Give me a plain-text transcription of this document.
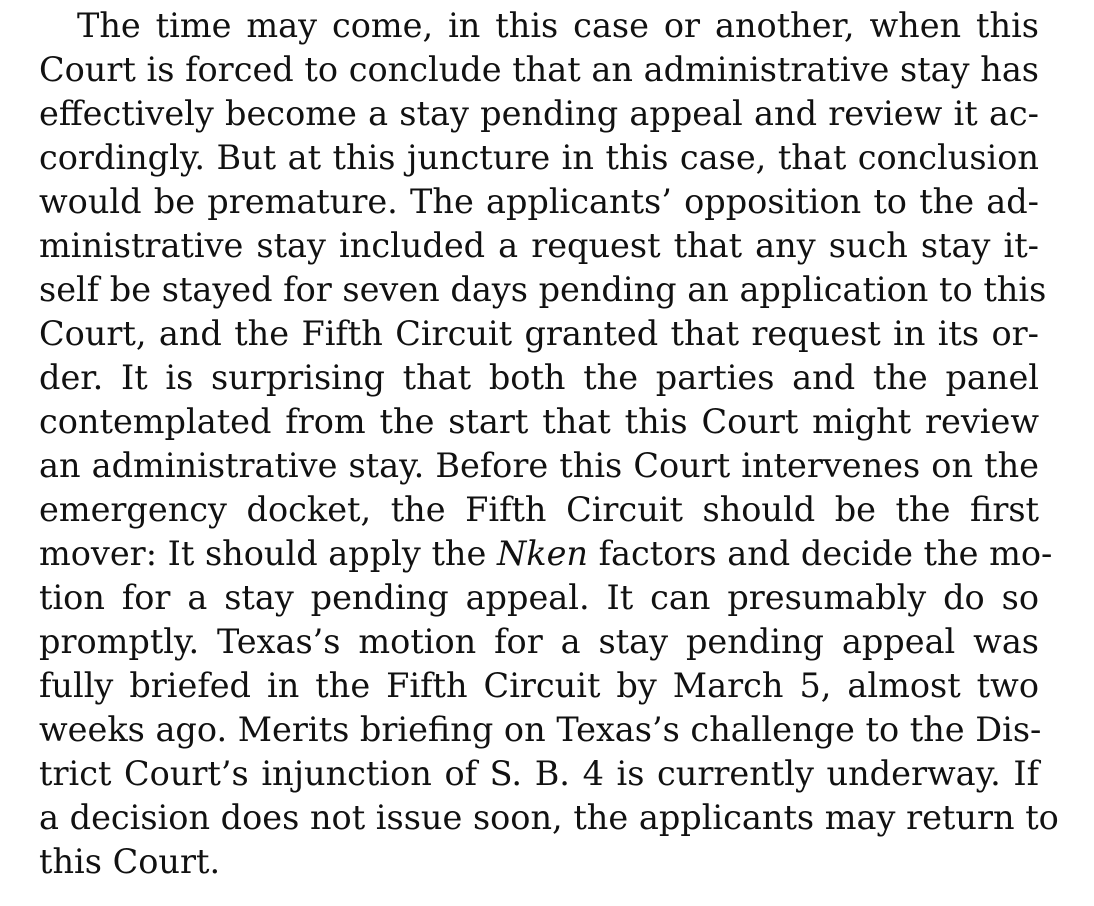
The time may come, in this case or another, when this
Court is forced to conclude that an administrative stay has
effectively become a stay pending appeal and review it ac-
cordingly. But at this juncture in this case, that conclusion
would be premature. The applicants’ opposition to the ad-
ministrative stay included a request that any such stay it-
self be stayed for seven days pending an application to this
Court, and the Fifth Circuit granted that request in its or-
der. It is surprising that both the parties and the panel
contemplated from the start that this Court might review
an administrative stay. Before this Court intervenes on the
emergency docket, the Fifth Circuit should be the first
mover: It should apply the Nken factors and decide the mo-
tion for a stay pending appeal. It can presumably do so
promptly. Texas’s motion for a stay pending appeal was
fully briefed in the Fifth Circuit by March 5, almost two
weeks ago. Merits briefing on Texas’s challenge to the Dis-
trict Court’s injunction of S. B. 4 is currently underway. If
a decision does not issue soon, the applicants may return to
this Court.
